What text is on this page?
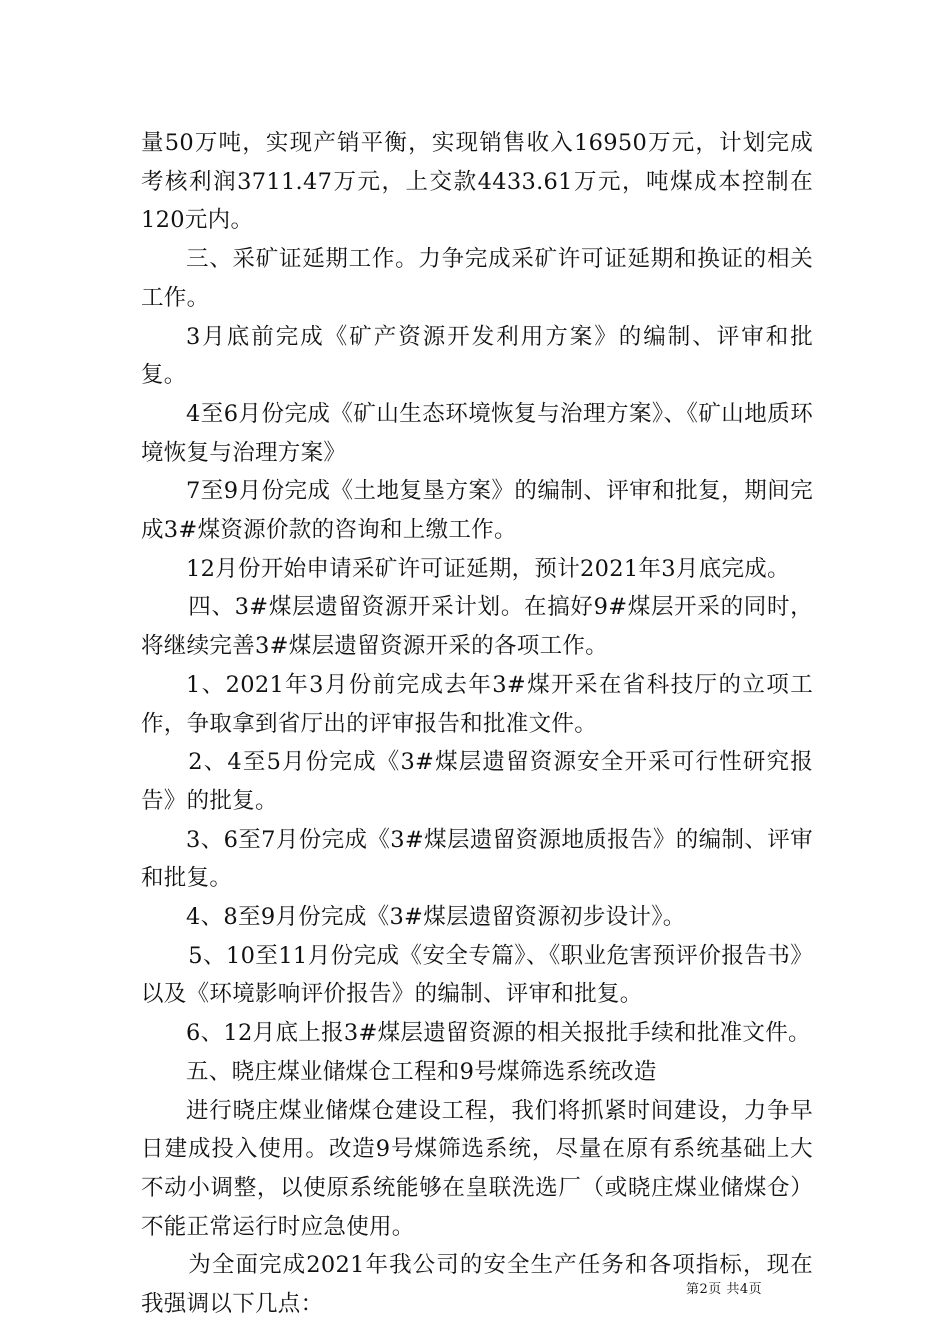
量50万吨，实现产销平衡，实现销售收入16950万元，计划完成考核利润3711.47万元，上交款4433.61万元，吨煤成本控制在120元内。

三、采矿证延期工作。力争完成采矿许可证延期和换证的相关工作。

3月底前完成《矿产资源开发利用方案》的编制、评审和批复。

4至6月份完成《矿山生态环境恢复与治理方案》、《矿山地质环境恢复与治理方案》

7至9月份完成《土地复垦方案》的编制、评审和批复，期间完成3#煤资源价款的咨询和上缴工作。

12月份开始申请采矿许可证延期，预计2021年3月底完成。

四、3#煤层遗留资源开采计划。在搞好9#煤层开采的同时，将继续完善3#煤层遗留资源开采的各项工作。

1、2021年3月份前完成去年3#煤开采在省科技厅的立项工作，争取拿到省厅出的评审报告和批准文件。

2、4至5月份完成《3#煤层遗留资源安全开采可行性研究报告》的批复。

3、6至7月份完成《3#煤层遗留资源地质报告》的编制、评审和批复。

4、8至9月份完成《3#煤层遗留资源初步设计》。

5、10至11月份完成《安全专篇》、《职业危害预评价报告书》以及《环境影响评价报告》的编制、评审和批复。

6、12月底上报3#煤层遗留资源的相关报批手续和批准文件。

五、晓庄煤业储煤仓工程和9号煤筛选系统改造

进行晓庄煤业储煤仓建设工程，我们将抓紧时间建设，力争早日建成投入使用。改造9号煤筛选系统，尽量在原有系统基础上大不动小调整，以使原系统能够在皇联洗选厂（或晓庄煤业储煤仓）不能正常运行时应急使用。

为全面完成2021年我公司的安全生产任务和各项指标，现在我强调以下几点：

第2页 共4页
